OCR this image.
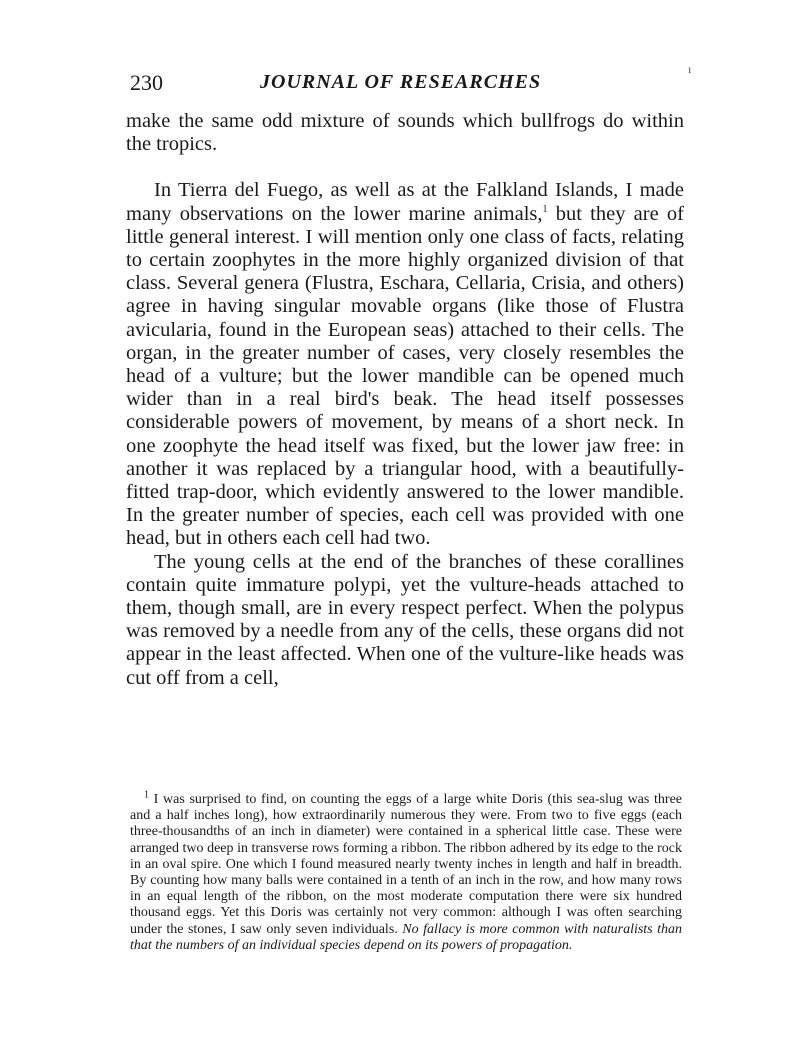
230	JOURNAL OF RESEARCHES
ı

make the same odd mixture of sounds which bullfrogs do within the tropics.

In Tierra del Fuego, as well as at the Falkland Islands, I made many observations on the lower marine animals,$^1$ but they are of little general interest. I will mention only one class of facts, relating to certain zoophytes in the more highly organized division of that class. Several genera (Flustra, Eschara, Cellaria, Crisia, and others) agree in having singular movable organs (like those of Flustra avicularia, found in the European seas) attached to their cells. The organ, in the greater number of cases, very closely resembles the head of a vulture; but the lower mandible can be opened much wider than in a real bird's beak. The head itself possesses considerable powers of movement, by means of a short neck. In one zoophyte the head itself was fixed, but the lower jaw free: in another it was replaced by a triangular hood, with a beautifully-fitted trap-door, which evidently answered to the lower mandible. In the greater number of species, each cell was provided with one head, but in others each cell had two.

The young cells at the end of the branches of these corallines contain quite immature polypi, yet the vulture-heads attached to them, though small, are in every respect perfect. When the polypus was removed by a needle from any of the cells, these organs did not appear in the least affected. When one of the vulture-like heads was cut off from a cell,

$^1$ I was surprised to find, on counting the eggs of a large white Doris (this sea-slug was three and a half inches long), how extraordinarily numerous they were. From two to five eggs (each three-thousandths of an inch in diameter) were contained in a spherical little case. These were arranged two deep in transverse rows forming a ribbon. The ribbon adhered by its edge to the rock in an oval spire. One which I found measured nearly twenty inches in length and half in breadth. By counting how many balls were contained in a tenth of an inch in the row, and how many rows in an equal length of the ribbon, on the most moderate computation there were six hundred thousand eggs. Yet this Doris was certainly not very common: although I was often searching under the stones, I saw only seven individuals. No fallacy is more common with naturalists than that the numbers of an individual species depend on its powers of propagation.
